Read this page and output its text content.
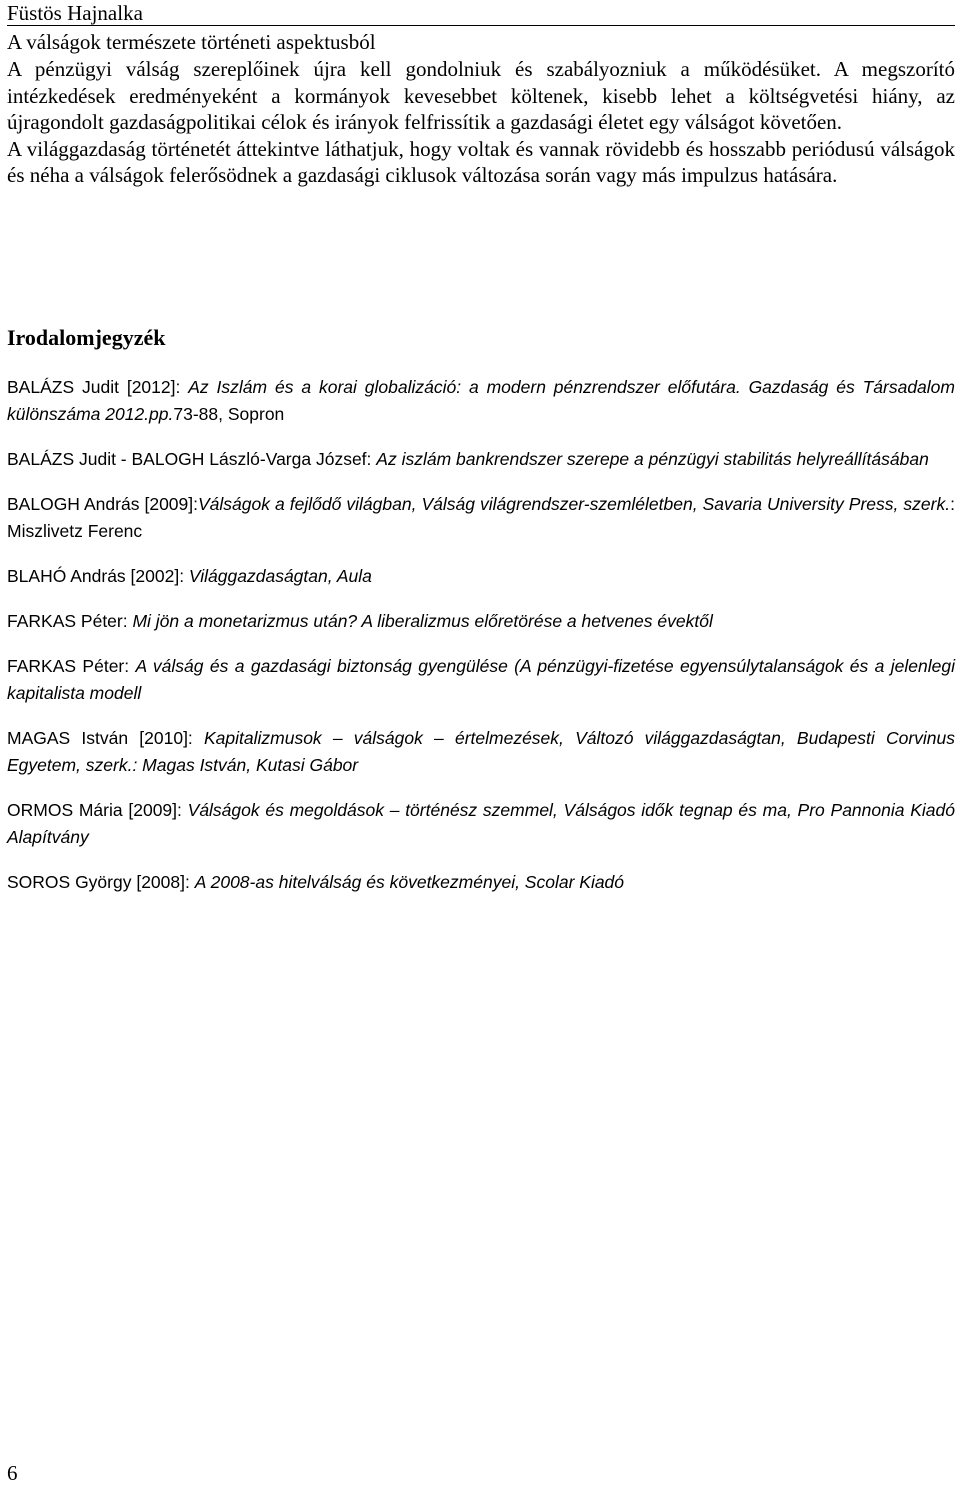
Füstös Hajnalka
A válságok természete történeti aspektusból

A pénzügyi válság szereplőinek újra kell gondolniuk és szabályozniuk a működésüket. A megszorító intézkedések eredményeként a kormányok kevesebbet költenek, kisebb lehet a költségvetési hiány, az újragondolt gazdaságpolitikai célok és irányok felfrissítik a gazdasági életet egy válságot követően.

A világgazdaság történetét áttekintve láthatjuk, hogy voltak és vannak rövidebb és hosszabb periódusú válságok és néha a válságok felerősödnek a gazdasági ciklusok változása során vagy más impulzus hatására.

Irodalomjegyzék

BALÁZS Judit [2012]: Az Iszlám és a korai globalizáció: a modern pénzrendszer előfutára. Gazdaság és Társadalom különszáma 2012.pp.73-88, Sopron

BALÁZS Judit - BALOGH László-Varga József: Az iszlám bankrendszer szerepe a pénzügyi stabilitás helyreállításában

BALOGH András [2009]:Válságok a fejlődő világban, Válság világrendszer-szemléletben, Savaria University Press, szerk.: Miszlivetz Ferenc

BLAHÓ András [2002]: Világgazdaságtan, Aula

FARKAS Péter: Mi jön a monetarizmus után? A liberalizmus előretörése a hetvenes évektől

FARKAS Péter: A válság és a gazdasági biztonság gyengülése (A pénzügyi-fizetése egyensúlytalanságok és a jelenlegi kapitalista modell

MAGAS István [2010]: Kapitalizmusok – válságok – értelmezések, Változó világgazdaságtan, Budapesti Corvinus Egyetem, szerk.: Magas István, Kutasi Gábor

ORMOS Mária [2009]: Válságok és megoldások – történész szemmel, Válságos idők tegnap és ma, Pro Pannonia Kiadó Alapítvány

SOROS György [2008]: A 2008-as hitelválság és következményei, Scolar Kiadó

6
